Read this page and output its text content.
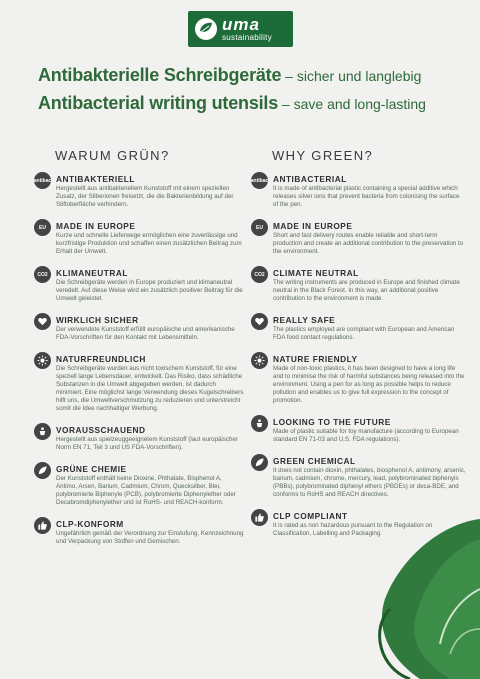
uma
sustainability
Antibakterielle Schreibgeräte – sicher und langlebig
Antibacterial writing utensils – save and long-lasting
WARUM GRÜN?	WHY GREEN?
antibac ANTIBAKTERIELL
Hergestellt aus antibakteriellem Kunststoff mit einem speziellen Zusatz, der Silberionen freisetzt, die die Bakterienbildung auf der Stiftoberfläche verhindern.
EU MADE IN EUROPE
Kurze und schnelle Lieferwege ermöglichen eine zuverlässige und kurzfristige Produktion und schaffen einen zusätzlichen Beitrag zum Erhalt der Umwelt.
CO2 KLIMANEUTRAL
Die Schreibgeräte werden in Europe produziert und klimaneutral veredelt. Auf diese Weise wird ein zusätzlich positiver Beitrag für die Umwelt geleistet.
WIRKLICH SICHER
Der verwendete Kunststoff erfüllt europäische und amerikanische FDA-Vorschriften für den Kontakt mit Lebensmitteln.
NATURFREUNDLICH
Die Schreibgeräte wurden aus nicht toxischem Kunststoff, für eine speziell lange Lebensdauer, entwickelt. Das Risiko, dass schädliche Substanzen in die Umwelt abgegeben werden, ist dadurch minimiert. Eine möglichst lange Verwendung dieses Kugelschreibers hilft uns, die Umweltverschmutzung zu reduzieren und unterstreicht somit die Idee nachhaltiger Werbung.
VORAUSSCHAUEND
Hergestellt aus spielzeuggeeignetem Kunststoff (laut europäischer Norm EN 71, Teil 3 und US FDA-Vorschriften).
GRÜNE CHEMIE
Der Kunststoff enthält keine Dioxine, Phthalate, Bisphenol A, Antimo, Arsen, Barium, Cadmium, Chrom, Quecksilber, Blei, polybromierte Biphenyle (PCB), polybromierte Diphenylether oder Decabromdiphenylether und ist RoHS- und REACH-konform.
CLP-KONFORM
Ungefährlich gemäß der Verordnung zur Einstufung, Kennzeichnung und Verpackung von Stoffen und Gemischen.
antibac ANTIBACTERIAL
It is made of antibacterial plastic containing a special additive which releases silver ions that prevent bacteria from colonising the surface of the pen.
EU MADE IN EUROPE
Short and fast delivery routes enable reliable and short-term production and create an additional contribution to the preservation to the environment.
CO2 CLIMATE NEUTRAL
The writing instruments are produced in Europe and finished climate neutral in the Black Forest. In this way, an additional positive contribution to the environment is made.
REALLY SAFE
The plastics employed are compliant with European and American FDA food contact regulations.
NATURE FRIENDLY
Made of non-toxic plastics, it has been designed to have a long life and to minimise the risk of harmful substances being released into the environment. Using a pen for as long as possible helps to reduce pollution and enables us to give full expression to the concept of promotion.
LOOKING TO THE FUTURE
Made of plastic suitable for toy manufacture (according to European standard EN 71-03 and U.S. FDA regulations).
GREEN CHEMICAL
It does not contain dioxin, phthalates, biosphenol A, antimony, arsenic, barium, cadmium, chrome, mercury, lead, polybrominated biphenyls (PBBs), polybrominated diphenyl ethers (PBDEs) or deca-BDE, and conforms to RoHS and REACH directives.
CLP COMPLIANT
It is rated as non hazardous pursuant to the Regulation on Classification, Labelling and Packaging.
